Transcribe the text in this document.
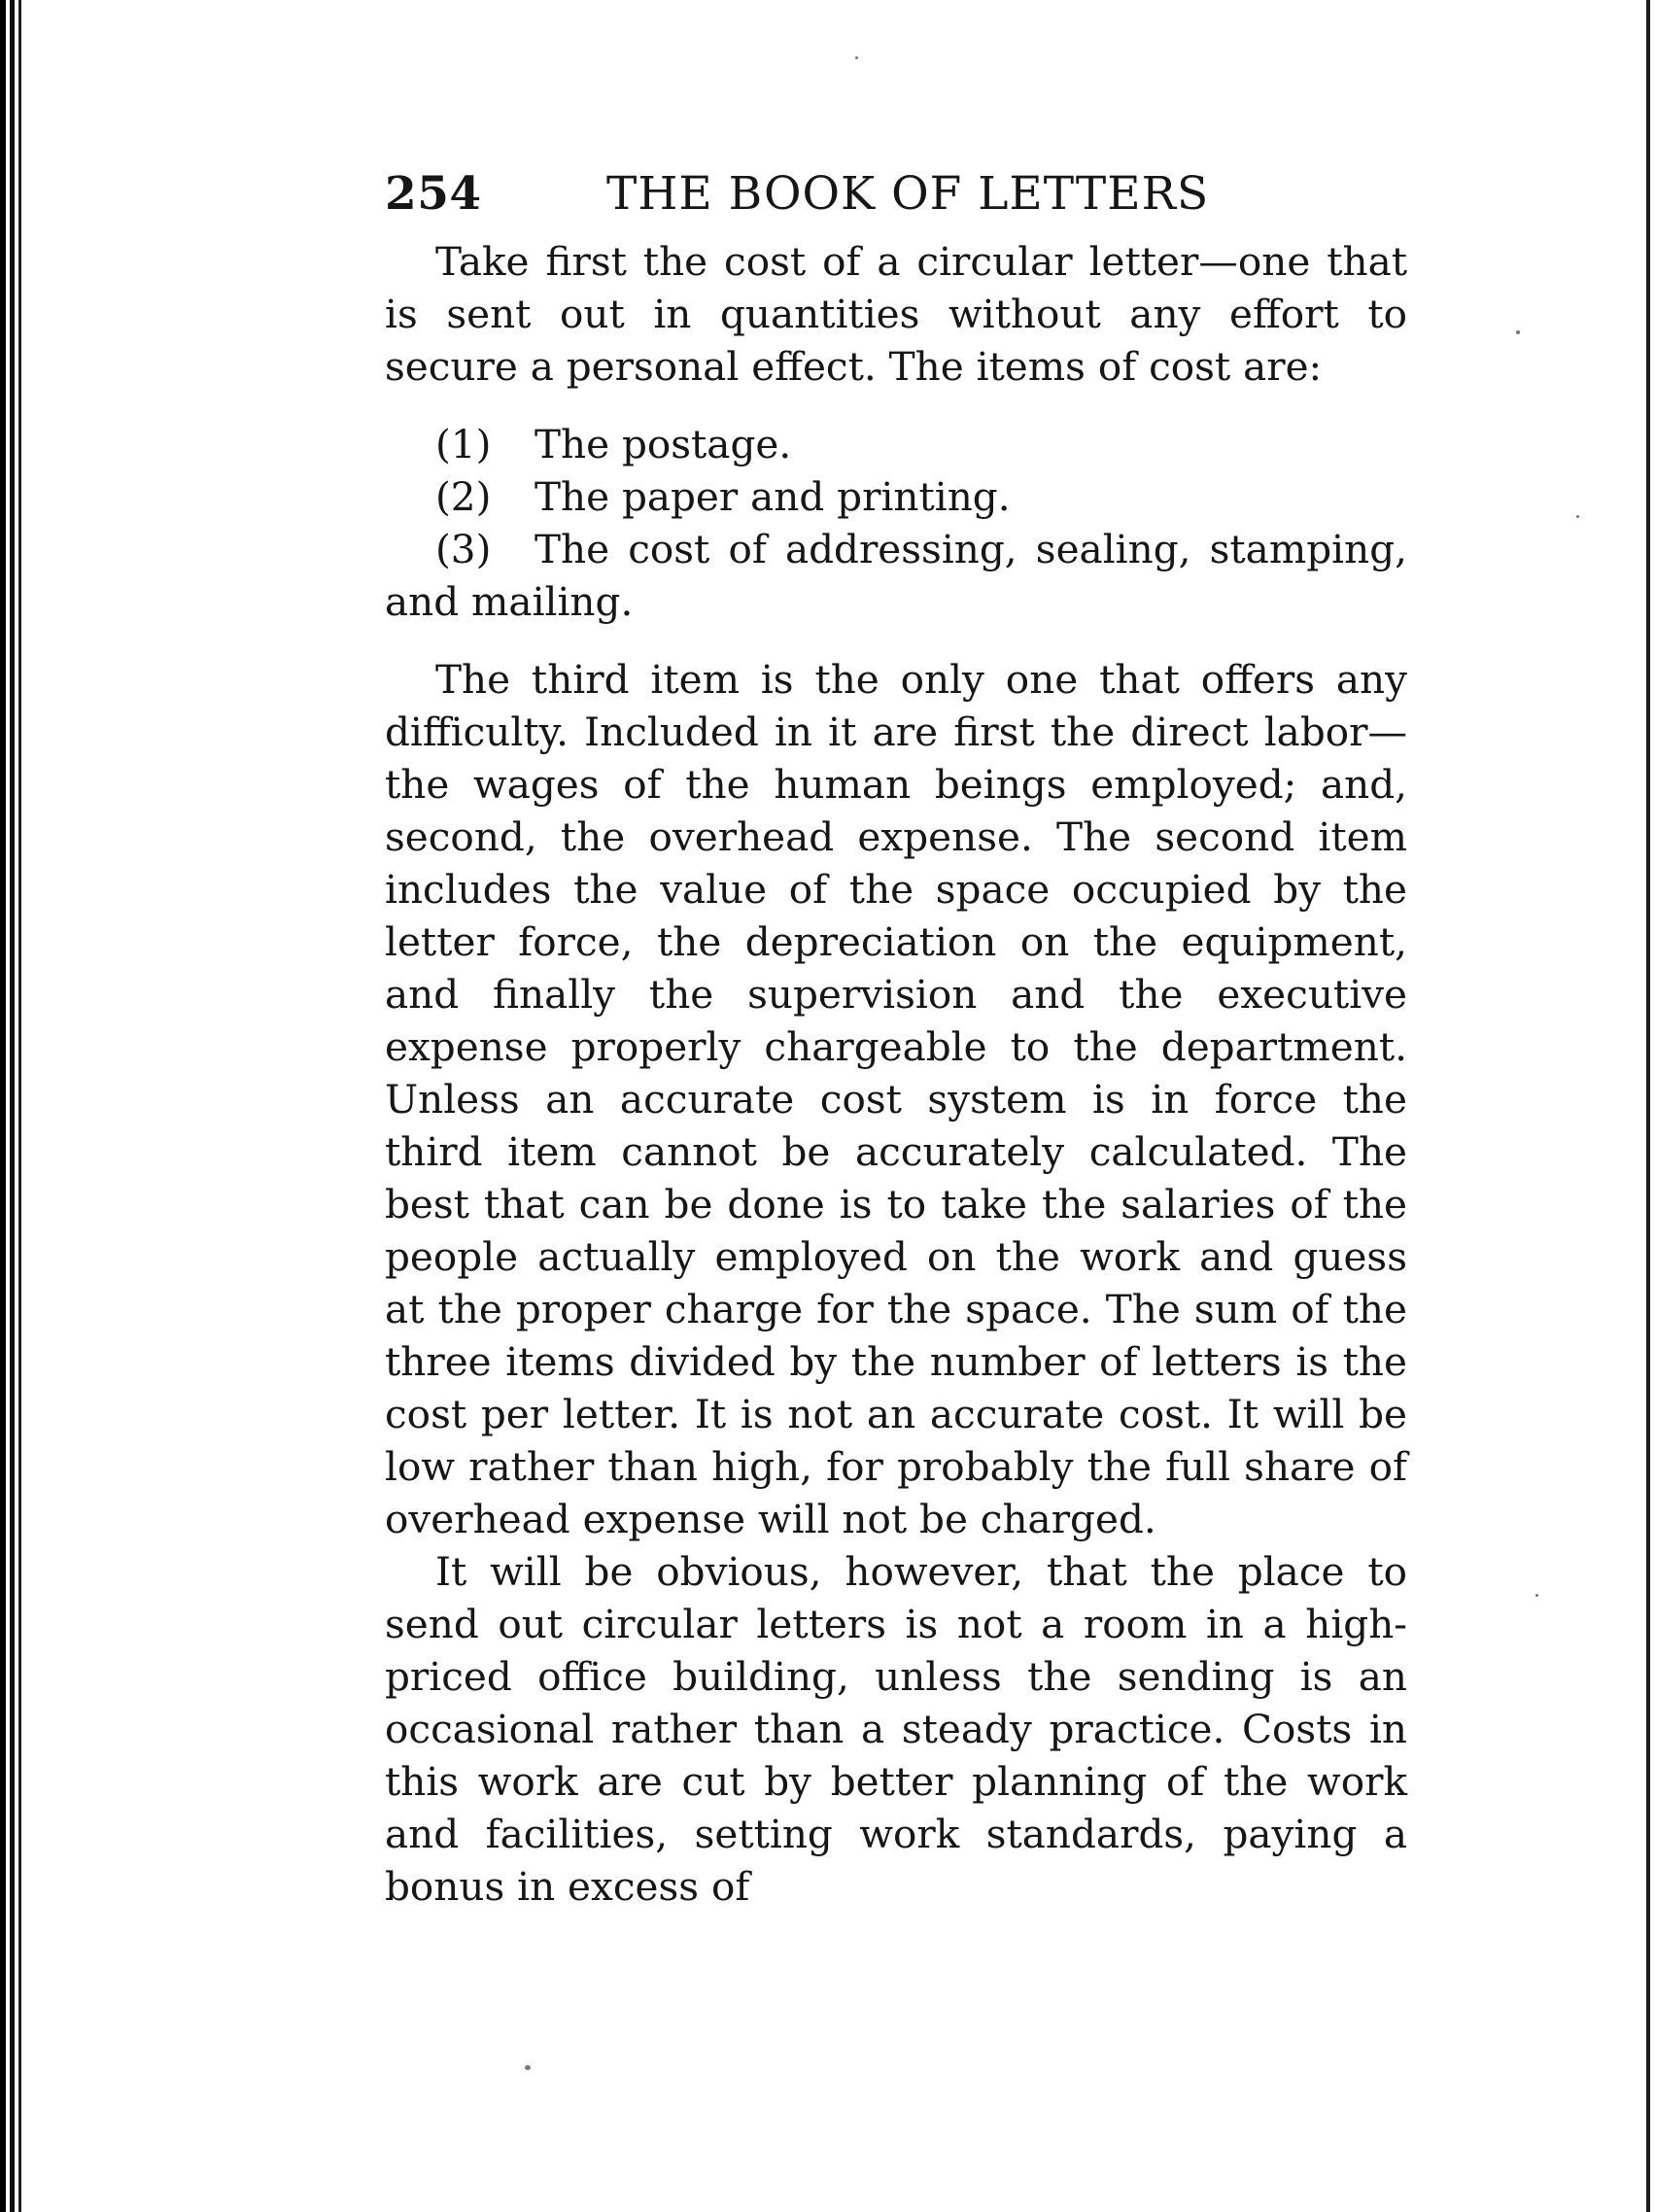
254	THE BOOK OF LETTERS

Take first the cost of a circular letter—one that is sent out in quantities without any effort to secure a personal effect. The items of cost are:

(1) The postage.

(2) The paper and printing.

(3) The cost of addressing, sealing, stamping, and mailing.

The third item is the only one that offers any difficulty. Included in it are first the direct labor—the wages of the human beings employed; and, second, the overhead expense. The second item includes the value of the space occupied by the letter force, the depreciation on the equipment, and finally the supervision and the executive expense properly chargeable to the department. Unless an accurate cost system is in force the third item cannot be accurately calculated. The best that can be done is to take the salaries of the people actually employed on the work and guess at the proper charge for the space. The sum of the three items divided by the number of letters is the cost per letter. It is not an accurate cost. It will be low rather than high, for probably the full share of overhead expense will not be charged.

It will be obvious, however, that the place to send out circular letters is not a room in a high-priced office building, unless the sending is an occasional rather than a steady practice. Costs in this work are cut by better planning of the work and facilities, setting work standards, paying a bonus in excess of
